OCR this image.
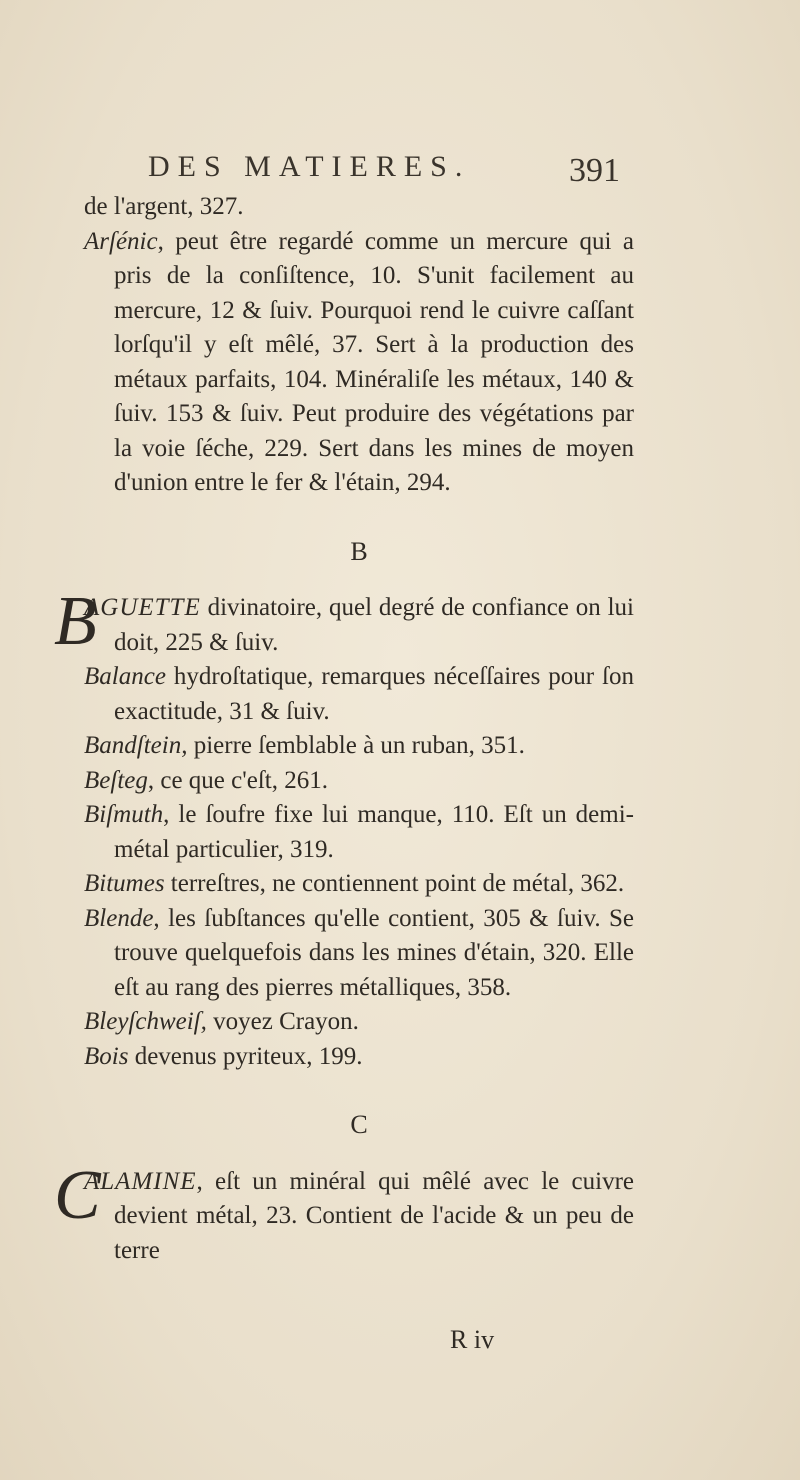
DES MATIERES.	391

de l'argent, 327.

Arſénic, peut être regardé comme un mercure qui a pris de la conſiſtence, 10. S'unit facilement au mercure, 12 & ſuiv. Pourquoi rend le cuivre caſſant lorſqu'il y eſt mêlé, 37. Sert à la production des métaux parfaits, 104. Minéraliſe les métaux, 140 & ſuiv. 153 & ſuiv. Peut produire des végétations par la voie ſéche, 229. Sert dans les mines de moyen d'union entre le fer & l'étain, 294.

B

B
AGUETTE divinatoire, quel degré de confiance on lui doit, 225 & ſuiv.

Balance hydroſtatique, remarques néceſſaires pour ſon exactitude, 31 & ſuiv.

Bandſtein, pierre ſemblable à un ruban, 351.

Beſteg, ce que c'eſt, 261.

Biſmuth, le ſoufre fixe lui manque, 110. Eſt un demi-métal particulier, 319.

Bitumes terreſtres, ne contiennent point de métal, 362.

Blende, les ſubſtances qu'elle contient, 305 & ſuiv. Se trouve quelquefois dans les mines d'étain, 320. Elle eſt au rang des pierres métalliques, 358.

Bleyſchweiſ, voyez Crayon.

Bois devenus pyriteux, 199.

C

C
ALAMINE, eſt un minéral qui mêlé avec le cuivre devient métal, 23. Contient de l'acide & un peu de terre

R iv
